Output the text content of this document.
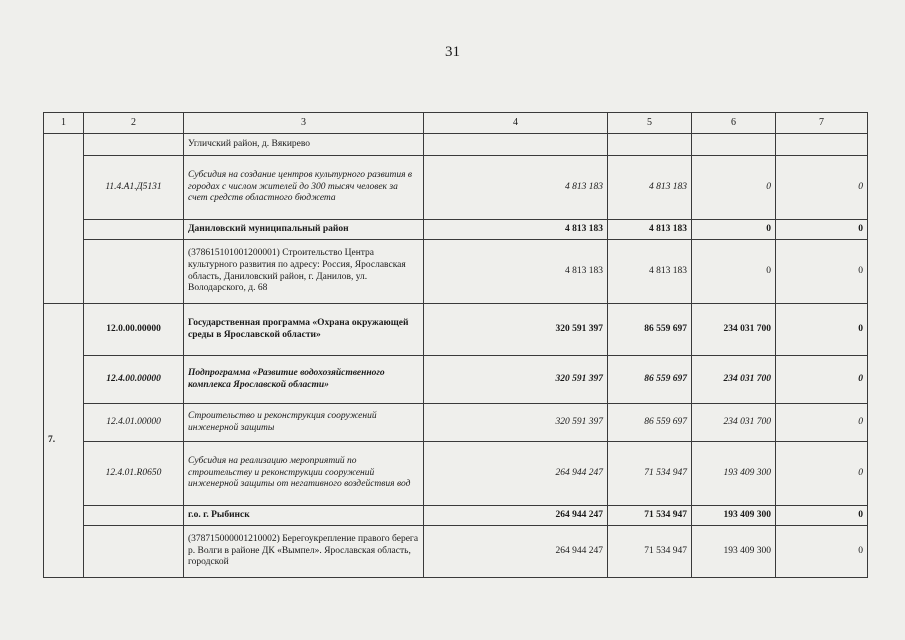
31
1	2	3	4	5	6	7
		Угличский район, д. Вякирево				
	11.4.А1.Д5131	Субсидия на создание центров культурного развития в городах с числом жителей до 300 тысяч человек за счет средств областного бюджета	4 813 183	4 813 183	0	0
		Даниловский муниципальный район	4 813 183	4 813 183	0	0
		(378615101001200001) Строительство Центра культурного развития по адресу: Россия, Ярославская область, Даниловский район, г. Данилов, ул. Володарского, д. 68	4 813 183	4 813 183	0	0
7.	12.0.00.00000	Государственная программа «Охрана окружающей среды в Ярославской области»	320 591 397	86 559 697	234 031 700	0
	12.4.00.00000	Подпрограмма «Развитие водохозяйственного комплекса Ярославской области»	320 591 397	86 559 697	234 031 700	0
	12.4.01.00000	Строительство и реконструкция сооружений инженерной защиты	320 591 397	86 559 697	234 031 700	0
	12.4.01.R0650	Субсидия на реализацию мероприятий по строительству и реконструкции сооружений инженерной защиты от негативного воздействия вод	264 944 247	71 534 947	193 409 300	0
		г.о. г. Рыбинск	264 944 247	71 534 947	193 409 300	0
		(378715000001210002) Берегоукрепление правого берега р. Волги в районе ДК «Вымпел». Ярославская область, городской	264 944 247	71 534 947	193 409 300	0
